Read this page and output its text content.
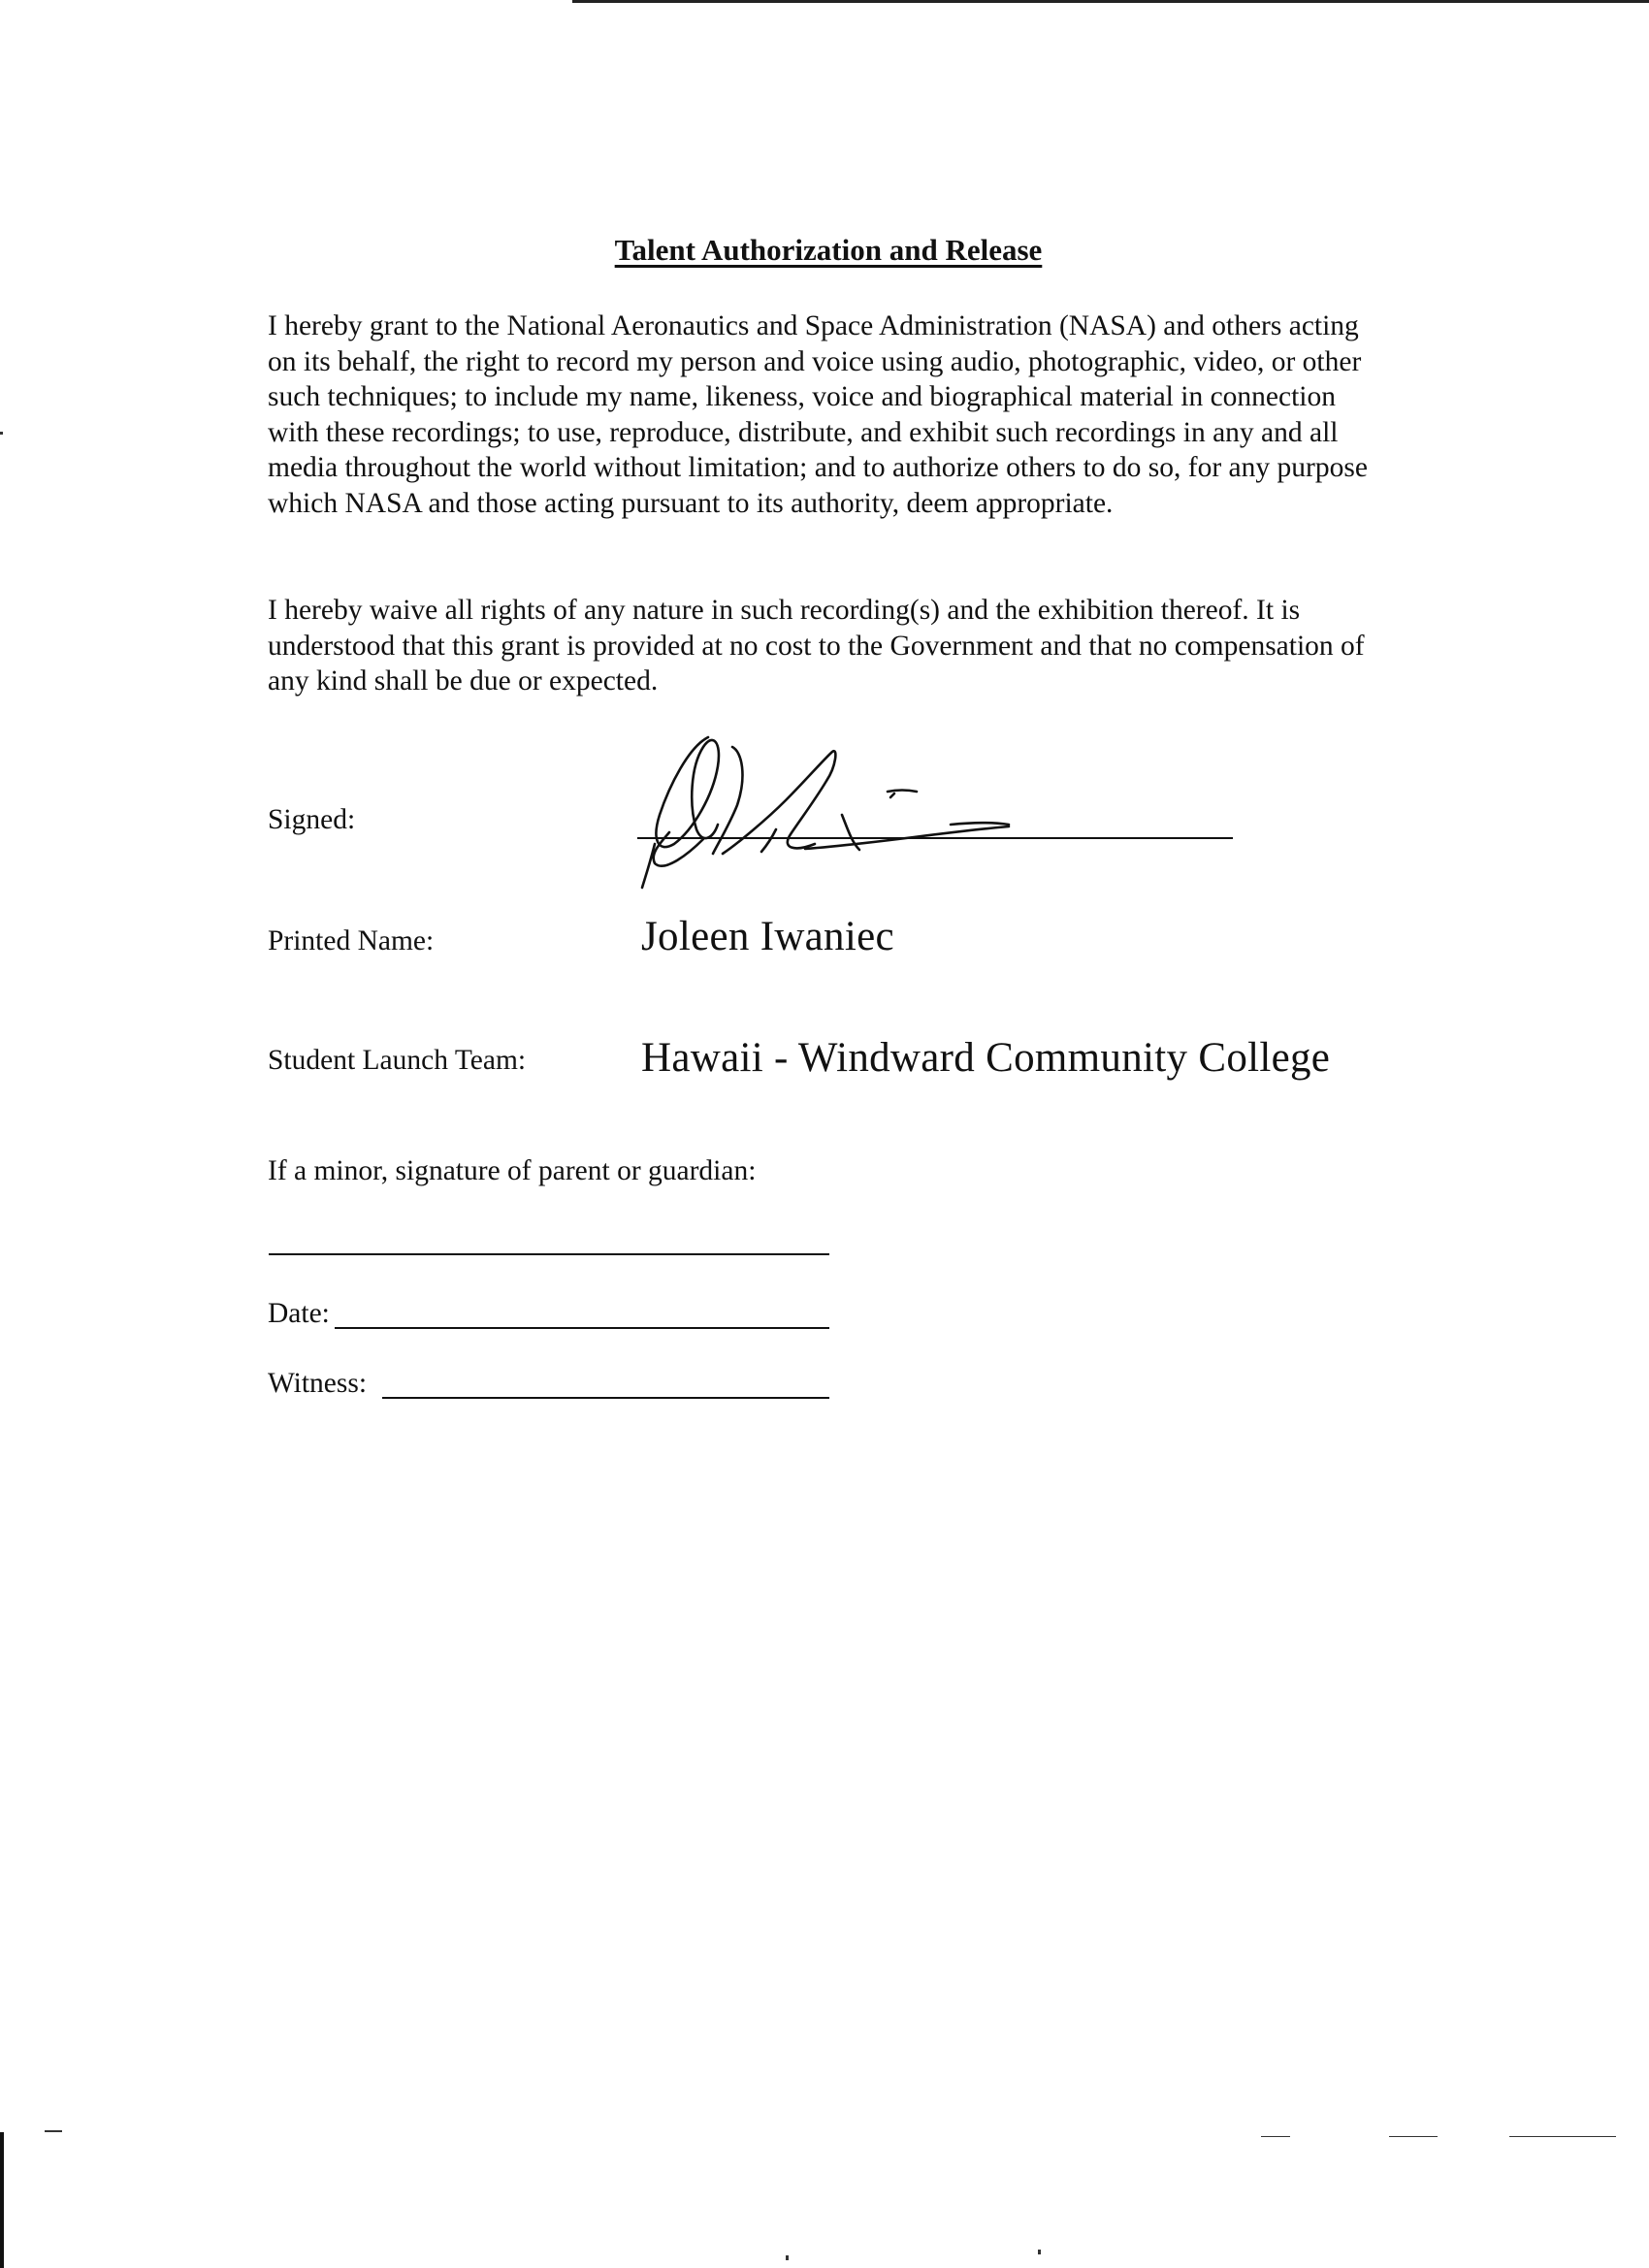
Talent Authorization and Release

I hereby grant to the National Aeronautics and Space Administration (NASA) and others acting on its behalf, the right to record my person and voice using audio, photographic, video, or other such techniques; to include my name, likeness, voice and biographical material in connection with these recordings; to use, reproduce, distribute, and exhibit such recordings in any and all media throughout the world without limitation; and to authorize others to do so, for any purpose which NASA and those acting pursuant to its authority, deem appropriate.

I hereby waive all rights of any nature in such recording(s) and the exhibition thereof. It is understood that this grant is provided at no cost to the Government and that no compensation of any kind shall be due or expected.

Signed:
Printed Name:	Joleen Iwaniec
Student Launch Team:	Hawaii - Windward Community College
If a minor, signature of parent or guardian:
Date:
Witness:
